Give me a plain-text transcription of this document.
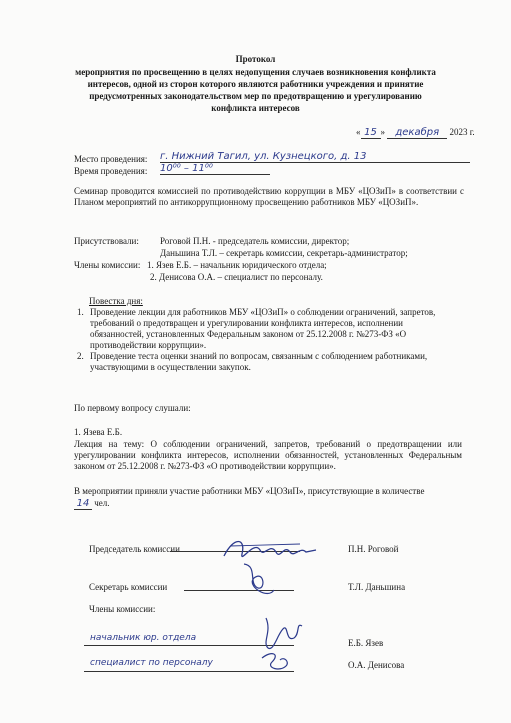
Протокол
мероприятия по просвещению в целях недопущения случаев возникновения конфликта
интересов, одной из сторон которого являются работники учреждения и принятие
предусмотренных законодательством мер по предотвращению и урегулированию
конфликта интересов
« 15 » декабря 2023 г.
Место проведения: г. Нижний Тагил, ул. Кузнецкого, д. 13
Время проведения: 10⁰⁰ – 11⁰⁰
Семинар проводится комиссией по противодействию коррупции в МБУ «ЦОЗиП» в соответствии с Планом мероприятий по антикоррупционному просвещению работников МБУ «ЦОЗиП».
Присутствовали: Роговой П.Н. - председатель комиссии, директор;
Даньшина Т.Л. – секретарь комиссии, секретарь-администратор;
Члены комиссии: 1. Язев Е.Б. – начальник юридического отдела;
2. Денисова О.А. – специалист по персоналу.
Повестка дня:
1. Проведение лекции для работников МБУ «ЦОЗиП» о соблюдении ограничений, запретов, требований о предотвращен и урегулировании конфликта интересов, исполнении обязанностей, установленных Федеральным законом от 25.12.2008 г. №273-ФЗ «О противодействии коррупции».
2. Проведение теста оценки знаний по вопросам, связанным с соблюдением работниками, участвующими в осуществлении закупок.
По первому вопросу слушали:
1. Язева Е.Б.
Лекция на тему: О соблюдении ограничений, запретов, требований о предотвращении или урегулировании конфликта интересов, исполнении обязанностей, установленных Федеральным законом от 25.12.2008 г. №273-ФЗ «О противодействии коррупции».
В мероприятии приняли участие работники МБУ «ЦОЗиП», присутствующие в количестве
14 чел.
Председатель комиссии	П.Н. Роговой
Секретарь комиссии	Т.Л. Даньшина
Члены комиссии:
начальник юр. отдела	Е.Б. Язев
специалист по персоналу	О.А. Денисова
